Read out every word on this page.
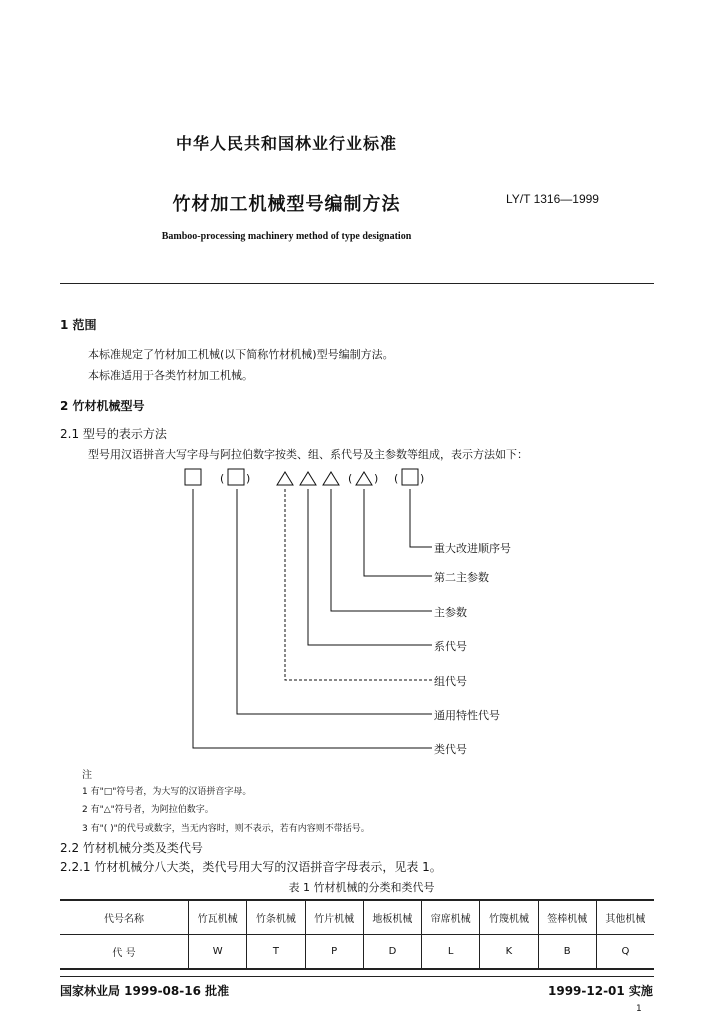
中华人民共和国林业行业标准
竹材加工机械型号编制方法	LY/T 1316—1999
Bamboo-processing machinery method of type designation
1 范围
本标准规定了竹材加工机械(以下简称竹材机械)型号编制方法。
本标准适用于各类竹材加工机械。
2 竹材机械型号
2.1 型号的表示方法
型号用汉语拼音大写字母与阿拉伯数字按类、组、系代号及主参数等组成，表示方法如下：
( )	( ) ( )
重大改进顺序号
第二主参数
主参数
系代号
组代号
通用特性代号
类代号
注
1 有"□"符号者，为大写的汉语拼音字母。
2 有"△"符号者，为阿拉伯数字。
3 有"( )"的代号或数字，当无内容时，则不表示，若有内容则不带括号。
2.2 竹材机械分类及类代号
2.2.1 竹材机械分八大类，类代号用大写的汉语拼音字母表示，见表 1。
表 1 竹材机械的分类和类代号
代号名称	竹瓦机械	竹条机械	竹片机械	地板机械	帘席机械	竹篾机械	签棒机械	其他机械
代 号	W	T	P	D	L	K	B	Q
国家林业局 1999-08-16 批准	1999-12-01 实施
1
